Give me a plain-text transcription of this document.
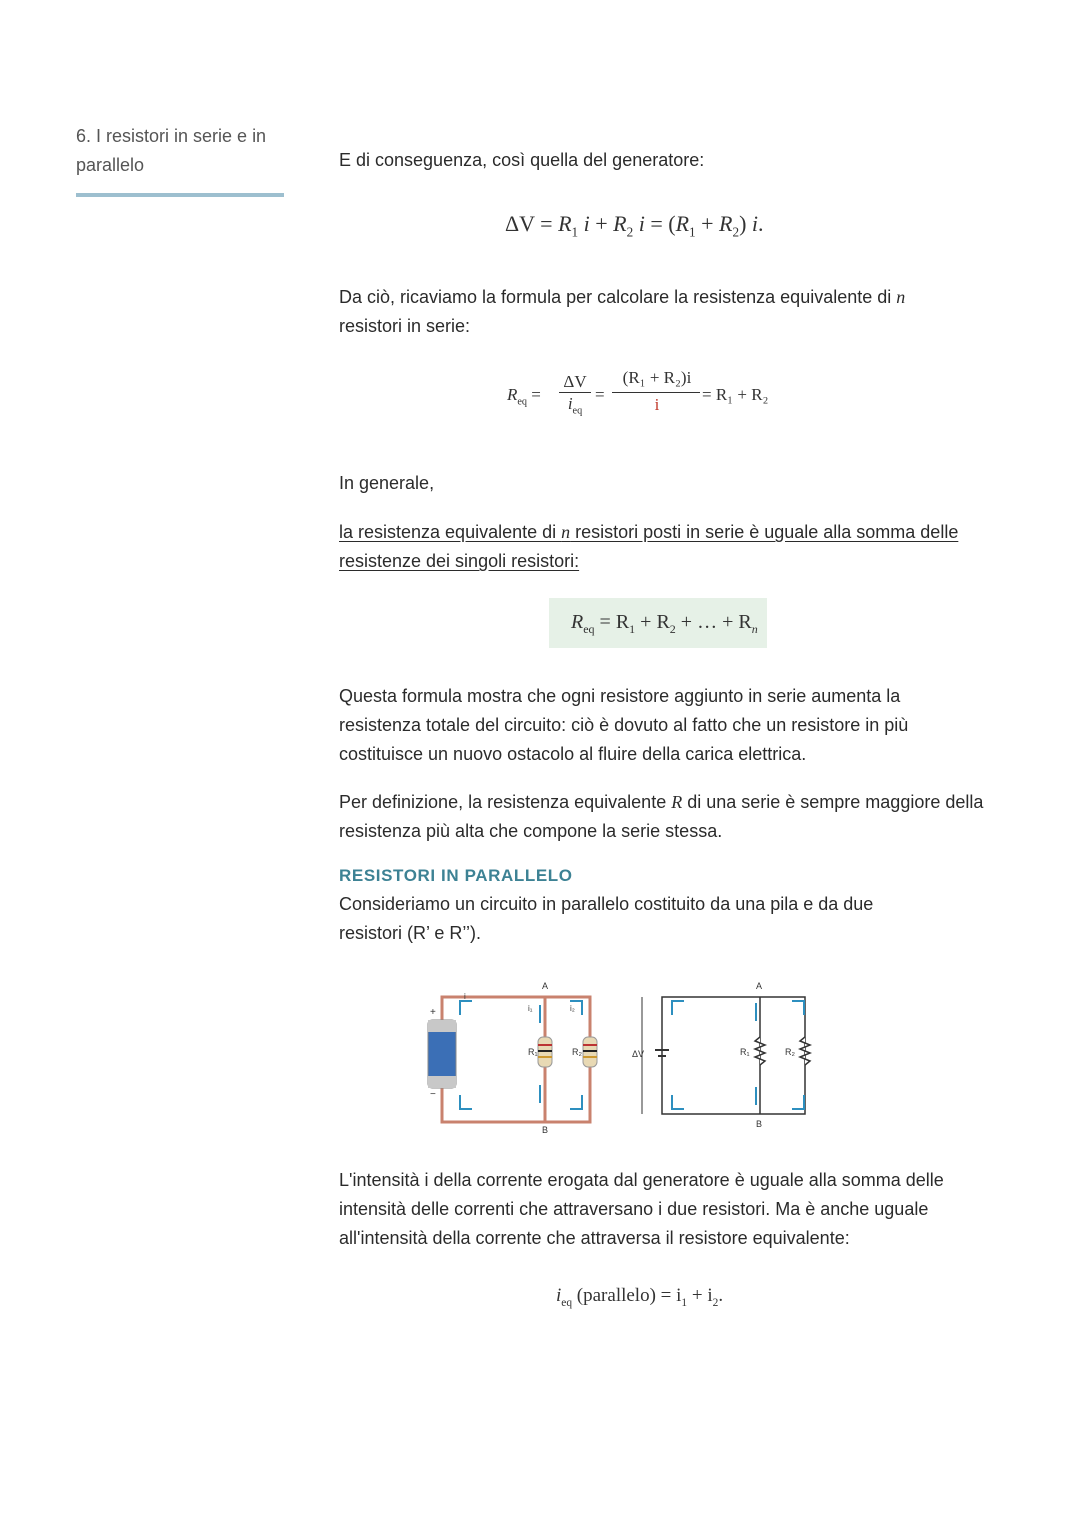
6. I resistori in serie e in parallelo	E di conseguenza, così quella del generatore:

$\Delta V = R_1$ $i + R_2$ $i = (R_1 + R_2)$ i.

Da ciò, ricaviamo la formula per calcolare la resistenza equivalente di n
resistori in serie:

$R_{eq}$ =
ΔV
$i_{eq}$
=
(R₁ + R₂)i
i
= R₁ + R₂

In generale,

la resistenza equivalente di n resistori posti in serie è uguale alla somma delle resistenze dei singoli resistori:

$R_{eq} = R_1 + R_2$ + … + $R_n$

Questa formula mostra che ogni resistore aggiunto in serie aumenta la resistenza totale del circuito: ciò è dovuto al fatto che un resistore in più costituisce un nuovo ostacolo al fluire della carica elettrica.

Per definizione, la resistenza equivalente R di una serie è sempre maggiore della resistenza più alta che compone la serie stessa.

RESISTORI IN PARALLELO

Consideriamo un circuito in parallelo costituito da una pila e da due resistori (R’ e R’’).

+
−
A
B
R₁	R₂
i₁	i₂
i
A
B
ΔV	R₁	R₂

L'intensità i della corrente erogata dal generatore è uguale alla somma delle intensità delle correnti che attraversano i due resistori. Ma è anche uguale all'intensità della corrente che attraversa il resistore equivalente:

$i_{eq}$ (parallelo) = $i_1 + i_2$.
